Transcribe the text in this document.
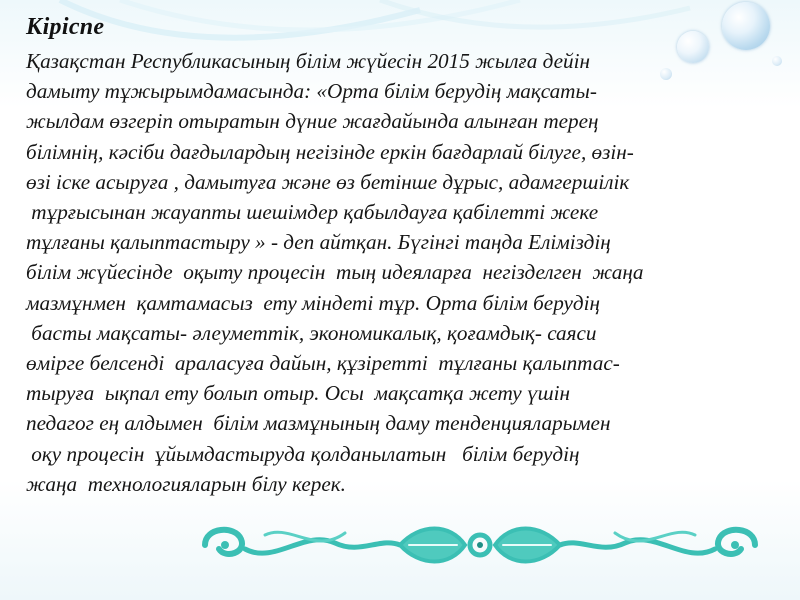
Кіріспе
Қазақстан Республикасының білім жүйесін 2015 жылға дейін
дамыту тұжырымдамасында: «Орта білім берудің мақсаты-
жылдам өзгеріп отыратын дүние жағдайында алынған терең
білімнің, кәсіби дағдылардың негізінде еркін бағдарлай білуге, өзін-
өзі іске асыруға , дамытуға және өз бетінше дұрыс, адамгершілік
тұрғысынан жауапты шешімдер қабылдауға қабілетті жеке
тұлғаны қалыптастыру » - деп айтқан. Бүгінгі таңда Еліміздің
білім жүйесінде  оқыту процесін  тың идеяларға  негізделген  жаңа
мазмұнмен  қамтамасыз  ету міндеті тұр. Орта білім берудің
басты мақсаты- әлеуметтік, экономикалық, қоғамдық- саяси
өмірге белсенді  араласуға дайын, құзіретті  тұлғаны қалыптас-
тыруға  ықпал ету болып отыр. Осы  мақсатқа жету үшін
педагог ең алдымен  білім мазмұнының даму тенденцияларымен
оқу процесін  ұйымдастыруда қолданылатын   білім берудің
жаңа  технологияларын білу керек.
